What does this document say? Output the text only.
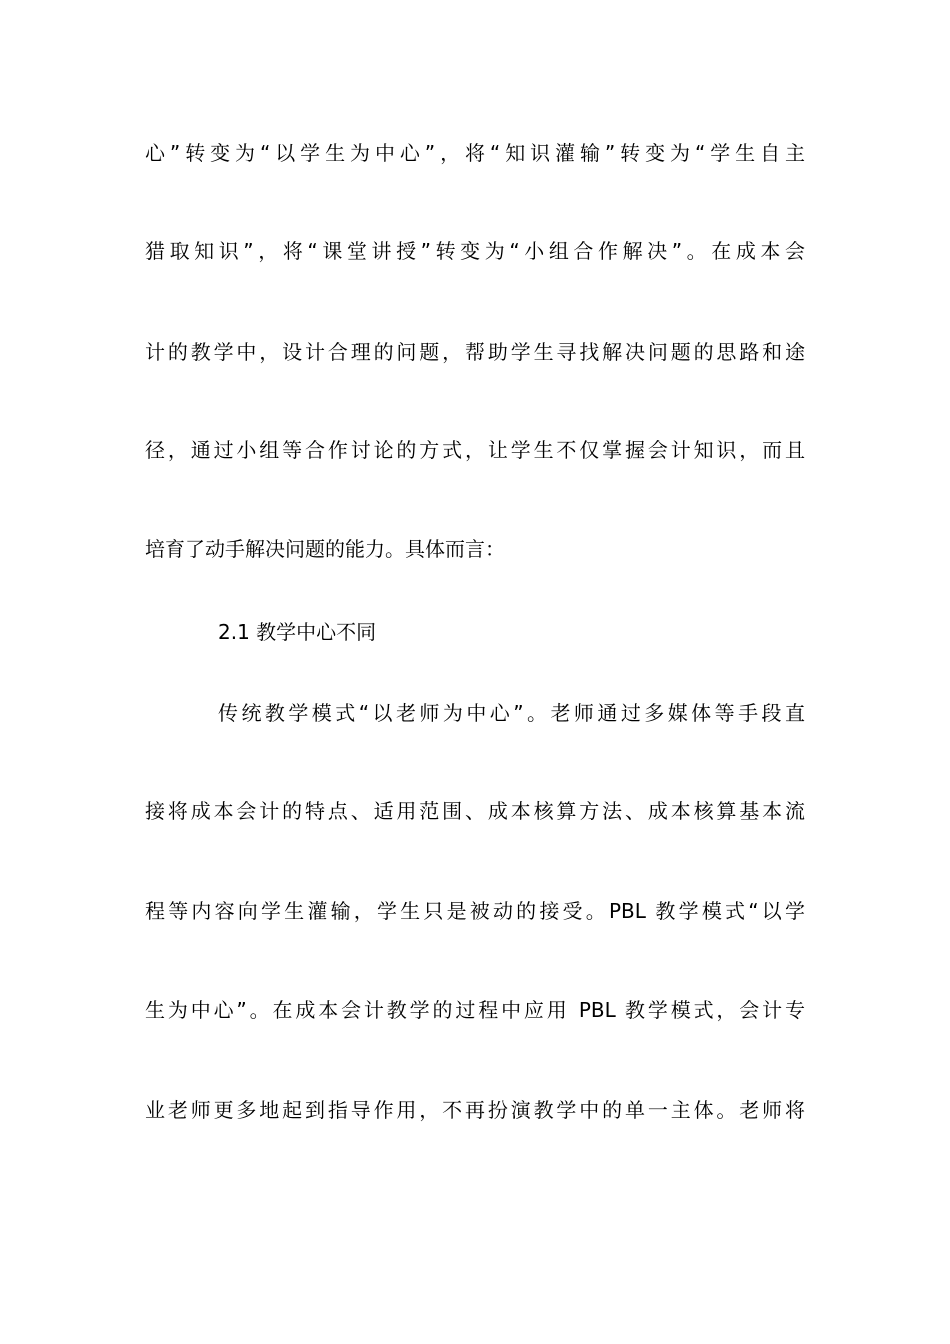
心”转变为“以学生为中心”，将“知识灌输”转变为“学生自主
猎取知识”，将“课堂讲授”转变为“小组合作解决”。在成本会
计的教学中，设计合理的问题，帮助学生寻找解决问题的思路和途
径，通过小组等合作讨论的方式，让学生不仅掌握会计知识，而且
培育了动手解决问题的能力。具体而言：
2.1 教学中心不同
传统教学模式“以老师为中心”。老师通过多媒体等手段直
接将成本会计的特点、适用范围、成本核算方法、成本核算基本流
程等内容向学生灌输，学生只是被动的接受。PBL 教学模式“以学
生为中心”。在成本会计教学的过程中应用 PBL 教学模式，会计专
业老师更多地起到指导作用，不再扮演教学中的单一主体。老师将
